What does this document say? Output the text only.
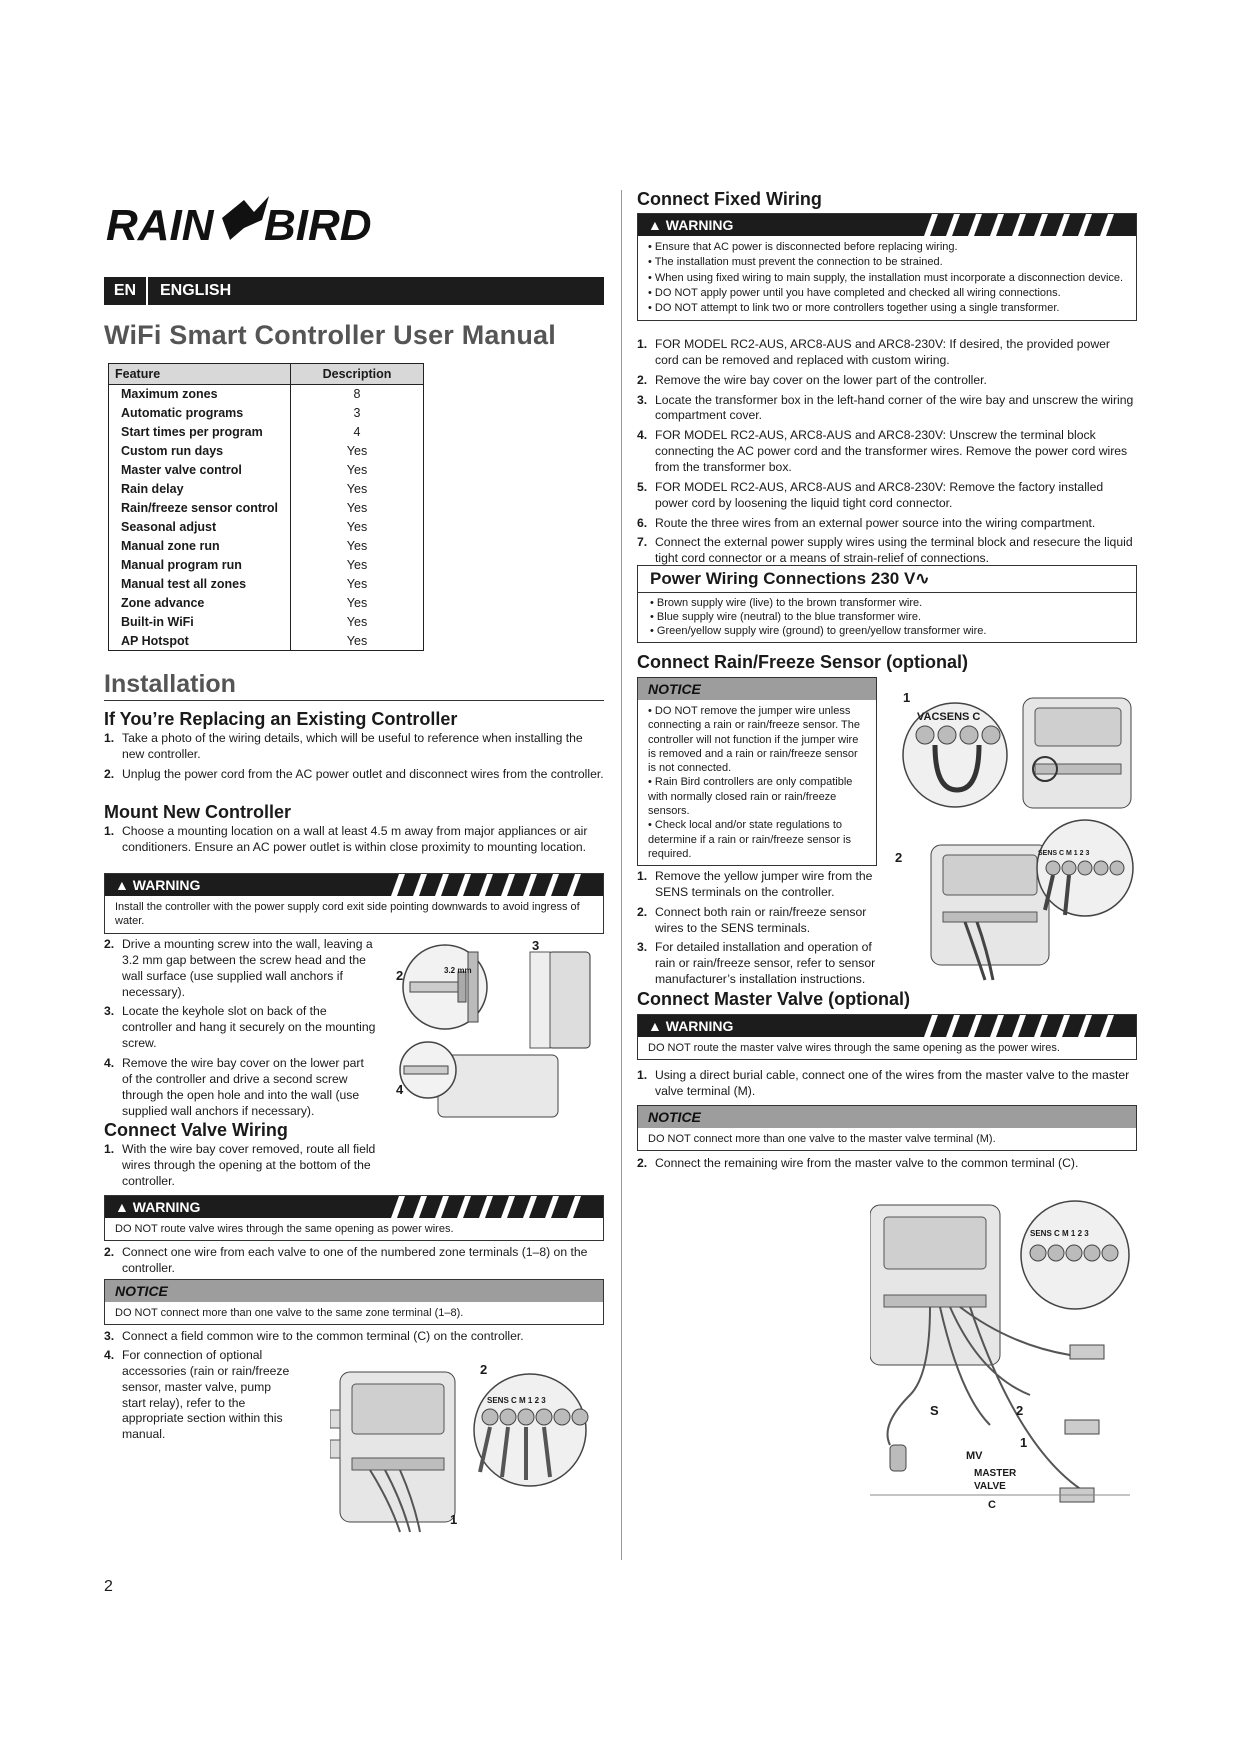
RAIN BIRD
EN	ENGLISH
WiFi Smart Controller User Manual
Feature	Description
Maximum zones	8
Automatic programs	3
Start times per program	4
Custom run days	Yes
Master valve control	Yes
Rain delay	Yes
Rain/freeze sensor control	Yes
Seasonal adjust	Yes
Manual zone run	Yes
Manual program run	Yes
Manual test all zones	Yes
Zone advance	Yes
Built-in WiFi	Yes
AP Hotspot	Yes
Installation
If You’re Replacing an Existing Controller
1. Take a photo of the wiring details, which will be useful to reference when installing the new controller.
2. Unplug the power cord from the AC power outlet and disconnect wires from the controller.
Mount New Controller
1. Choose a mounting location on a wall at least 4.5 m away from major appliances or air conditioners. Ensure an AC power outlet is within close proximity to mounting location.
▲ WARNING
Install the controller with the power supply cord exit side pointing downwards to avoid ingress of water.
2. Drive a mounting screw into the wall, leaving a 3.2 mm gap between the screw head and the wall surface (use supplied wall anchors if necessary).
3. Locate the keyhole slot on back of the controller and hang it securely on the mounting screw.
4. Remove the wire bay cover on the lower part of the controller and drive a second screw through the open hole and into the wall (use supplied wall anchors if necessary).
2
3
4
3.2 mm
Connect Valve Wiring
1. With the wire bay cover removed, route all field wires through the opening at the bottom of the controller.
▲ WARNING
DO NOT route valve wires through the same opening as power wires.
2. Connect one wire from each valve to one of the numbered zone terminals (1–8) on the controller.
NOTICE
DO NOT connect more than one valve to the same zone terminal (1–8).
3. Connect a field common wire to the common terminal (C) on the controller.
4. For connection of optional accessories (rain or rain/freeze sensor, master valve, pump start relay), refer to the appropriate section within this manual.
2
1
SENS C M 1 2 3
2
Connect Fixed Wiring
▲ WARNING

• Ensure that AC power is disconnected before replacing wiring.

• The installation must prevent the connection to be strained.

• When using fixed wiring to main supply, the installation must incorporate a disconnection device.

• DO NOT apply power until you have completed and checked all wiring connections.

• DO NOT attempt to link two or more controllers together using a single transformer.

1. FOR MODEL RC2-AUS, ARC8-AUS and ARC8-230V: If desired, the provided power cord can be removed and replaced with custom wiring.
2. Remove the wire bay cover on the lower part of the controller.
3. Locate the transformer box in the left-hand corner of the wire bay and unscrew the wiring compartment cover.
4. FOR MODEL RC2-AUS, ARC8-AUS and ARC8-230V: Unscrew the terminal block connecting the AC power cord and the transformer wires. Remove the power cord wires from the transformer box.
5. FOR MODEL RC2-AUS, ARC8-AUS and ARC8-230V: Remove the factory installed power cord by loosening the liquid tight cord connector.
6. Route the three wires from an external power source into the wiring compartment.
7. Connect the external power supply wires using the terminal block and resecure the liquid tight cord connector or a means of strain-relief of connections.
Power Wiring Connections 230 V∿

• Brown supply wire (live) to the brown transformer wire.

• Blue supply wire (neutral) to the blue transformer wire.

• Green/yellow supply wire (ground) to green/yellow transformer wire.

Connect Rain/Freeze Sensor (optional)
NOTICE

• DO NOT remove the jumper wire unless connecting a rain or rain/freeze sensor. The controller will not function if the jumper wire is removed and a rain or rain/freeze sensor is not connected.

• Rain Bird controllers are only compatible with normally closed rain or rain/freeze sensors.

• Check local and/or state regulations to determine if a rain or rain/freeze sensor is required.

1
2
VACSENS C
SENS C M 1 2 3
1. Remove the yellow jumper wire from the SENS terminals on the controller.
2. Connect both rain or rain/freeze sensor wires to the SENS terminals.
3. For detailed installation and operation of rain or rain/freeze sensor, refer to sensor manufacturer’s installation instructions.
Connect Master Valve (optional)
▲ WARNING
DO NOT route the master valve wires through the same opening as the power wires.
1. Using a direct burial cable, connect one of the wires from the master valve to the master valve terminal (M).
NOTICE
DO NOT connect more than one valve to the master valve terminal (M).
2. Connect the remaining wire from the master valve to the common terminal (C).
S	2
1
MV
MASTER
VALVE
C
SENS C M 1 2 3
